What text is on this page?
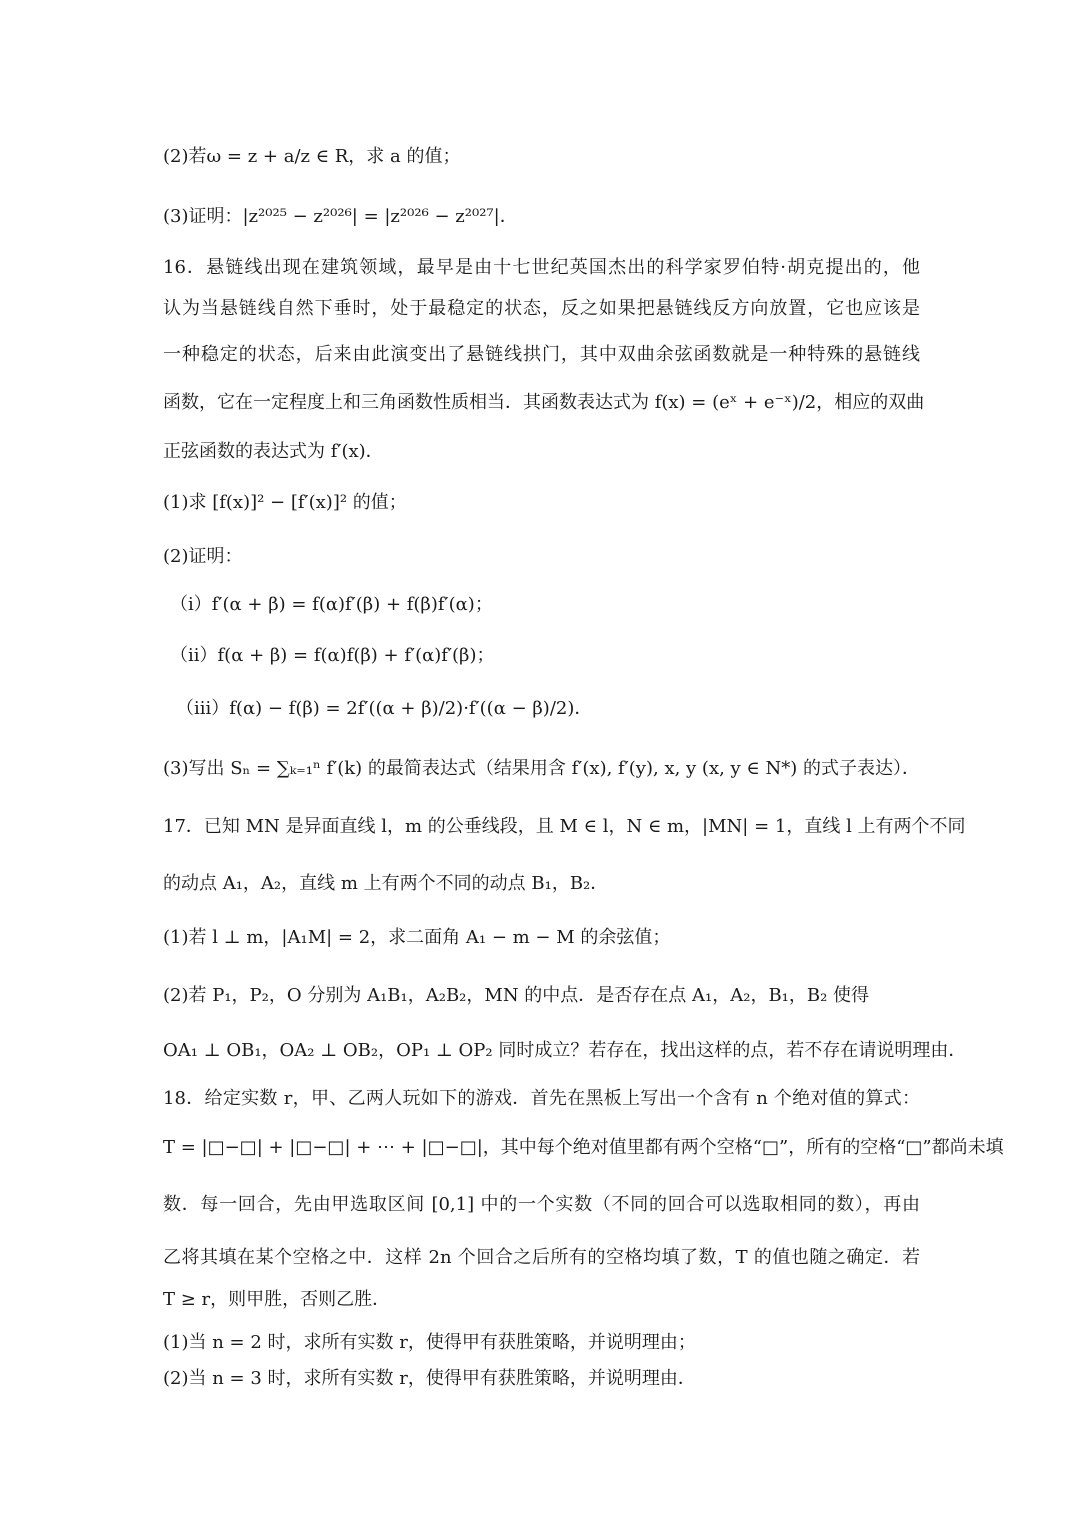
(2)若ω = z + a/z ∈ R，求 a 的值；
(3)证明：|z²⁰²⁵ − z²⁰²⁶| = |z²⁰²⁶ − z²⁰²⁷|．
16．悬链线出现在建筑领域，最早是由十七世纪英国杰出的科学家罗伯特·胡克提出的，他
认为当悬链线自然下垂时，处于最稳定的状态，反之如果把悬链线反方向放置，它也应该是
一种稳定的状态，后来由此演变出了悬链线拱门，其中双曲余弦函数就是一种特殊的悬链线
函数，它在一定程度上和三角函数性质相当．其函数表达式为 f(x) = (eˣ + e⁻ˣ)/2，相应的双曲
正弦函数的表达式为 f′(x)．
(1)求 [f(x)]² − [f′(x)]² 的值；
(2)证明：
（i）f′(α + β) = f(α)f′(β) + f(β)f′(α)；
（ii）f(α + β) = f(α)f(β) + f′(α)f′(β)；
（iii）f(α) − f(β) = 2f′((α + β)/2)·f′((α − β)/2)．
(3)写出 Sₙ = ∑ₖ₌₁ⁿ f′(k) 的最简表达式（结果用含 f′(x), f′(y), x, y (x, y ∈ N*) 的式子表达）．
17．已知 MN 是异面直线 l，m 的公垂线段，且 M ∈ l，N ∈ m，|MN| = 1，直线 l 上有两个不同
的动点 A₁，A₂，直线 m 上有两个不同的动点 B₁，B₂．
(1)若 l ⊥ m，|A₁M| = 2，求二面角 A₁ − m − M 的余弦值；
(2)若 P₁，P₂，O 分别为 A₁B₁，A₂B₂，MN 的中点．是否存在点 A₁，A₂，B₁，B₂ 使得
OA₁ ⊥ OB₁，OA₂ ⊥ OB₂，OP₁ ⊥ OP₂ 同时成立？若存在，找出这样的点，若不存在请说明理由．
18．给定实数 r，甲、乙两人玩如下的游戏．首先在黑板上写出一个含有 n 个绝对值的算式：
T = |□−□| + |□−□| + ⋯ + |□−□|，其中每个绝对值里都有两个空格“□”，所有的空格“□”都尚未填
数．每一回合，先由甲选取区间 [0,1] 中的一个实数（不同的回合可以选取相同的数），再由
乙将其填在某个空格之中．这样 2n 个回合之后所有的空格均填了数，T 的值也随之确定．若
T ≥ r，则甲胜，否则乙胜．
(1)当 n = 2 时，求所有实数 r，使得甲有获胜策略，并说明理由；
(2)当 n = 3 时，求所有实数 r，使得甲有获胜策略，并说明理由．
